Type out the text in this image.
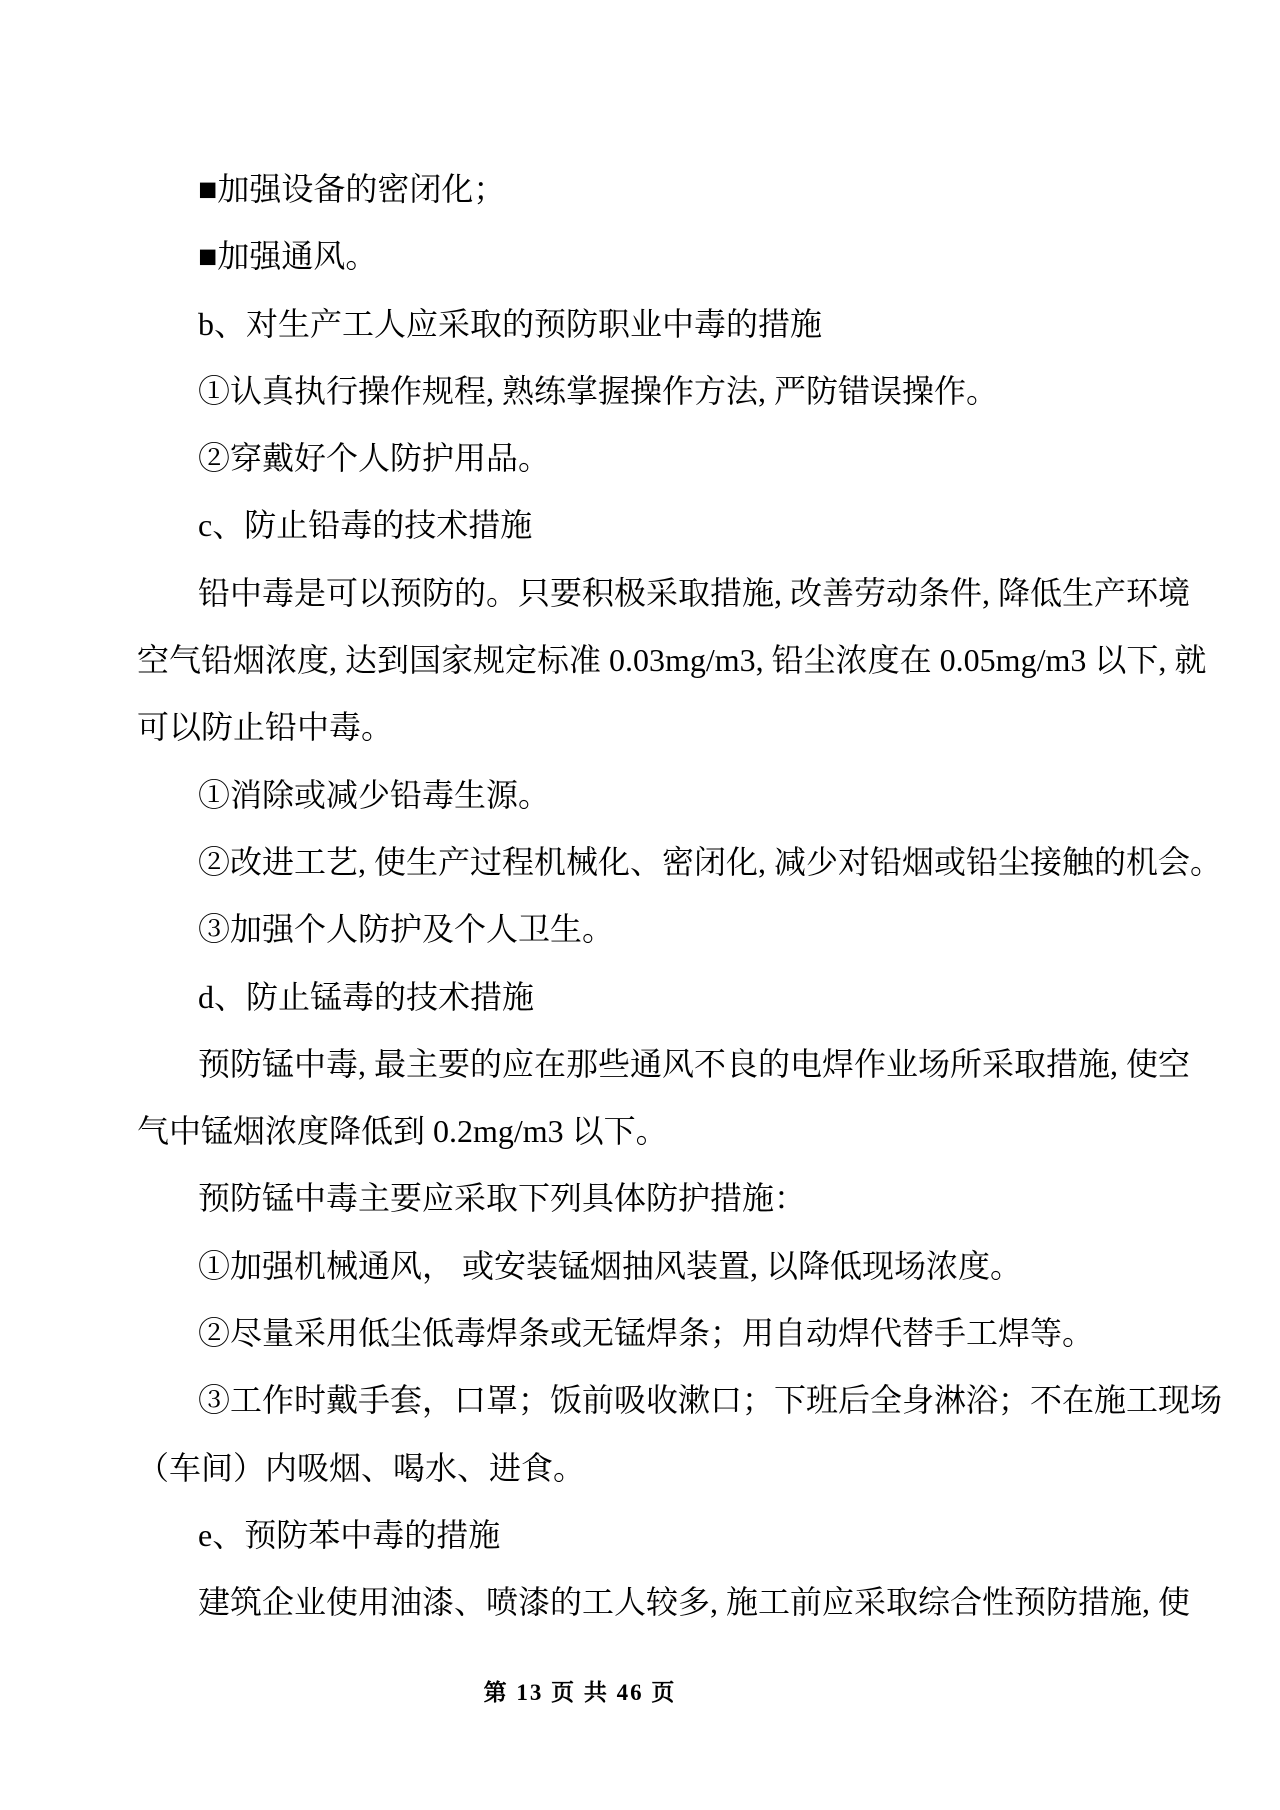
■加强设备的密闭化；
■加强通风。
b、对生产工人应采取的预防职业中毒的措施
①认真执行操作规程, 熟练掌握操作方法, 严防错误操作。
②穿戴好个人防护用品。
c、防止铅毒的技术措施
铅中毒是可以预防的。只要积极采取措施, 改善劳动条件, 降低生产环境
空气铅烟浓度, 达到国家规定标准 0.03mg/m3, 铅尘浓度在 0.05mg/m3 以下, 就
可以防止铅中毒。
①消除或减少铅毒生源。
②改进工艺, 使生产过程机械化、密闭化, 减少对铅烟或铅尘接触的机会。
③加强个人防护及个人卫生。
d、防止锰毒的技术措施
预防锰中毒, 最主要的应在那些通风不良的电焊作业场所采取措施, 使空
气中锰烟浓度降低到 0.2mg/m3 以下。
预防锰中毒主要应采取下列具体防护措施：
①加强机械通风， 或安装锰烟抽风装置, 以降低现场浓度。
②尽量采用低尘低毒焊条或无锰焊条；用自动焊代替手工焊等。
③工作时戴手套，口罩；饭前吸收漱口；下班后全身淋浴；不在施工现场
（车间）内吸烟、喝水、进食。
e、预防苯中毒的措施
建筑企业使用油漆、喷漆的工人较多, 施工前应采取综合性预防措施, 使
第 13 页 共 46 页
